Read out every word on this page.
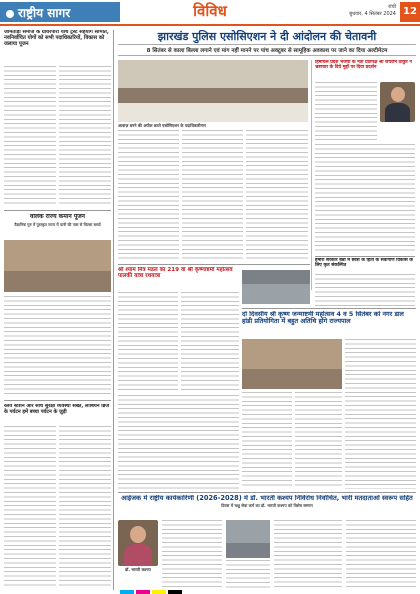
राष्ट्रीय सागर	विविध	रांची
बुधवार, 4 सितंबर 2024 12
जामताड़ा समाज के ग्रीवरपोरी यौथ ट्रस्ट सहयोग समिति, नवनिर्वाचित योगों को सभी पदाधिकारियों, विकास को जलाया पूजन
वालक राज्य कमान पूजन
वैज्ञानिक गुरु में पुरस्कृत राज्य में पानी की पास से चिल्ला बच्चों
रेलवे स्टेशन और साथ सुरक्षा व्यवस्था सख्त, लीबियन ब्रिज के पर्यटन हमें बच्चा पर्यटन के जुड़ी
झारखंड पुलिस एसोसिएशन ने दी आंदोलन की चेतावनी
8 सितंबर से काला बिल्ला लगाने एवं मांग नहीं मानने पर पांच अक्टूबर से सामूहिक अवकाश पर जाने का दिया अल्टीमेटम
आवाज़ बनने की अपील करते एसोसिएशन के पदाधिकारीगण
हिमाचल प्रदेश भजपा के नेता प्रतिपक्ष श्री जयराम ठाकुर ने भ्रष्टाचार के दिये मुद्दों पर दिया प्रदर्शन
हमारा सरकार बन्ना में छात्रों के हितों के सर्वांगीण विकास के लिए कृत संकल्पित
श्री श्याम मित्र मंडल का 219 वां श्री कृष्णाष्टमी महोत्सव पालकी यात्रा रथयात्रा
दो दिवसीय श्री कृष्ण जन्माष्टमी महोत्सव 4 व 5 सितंबर को नगर डाल हांडी प्रतियोगिता में बहुत अतिथि होंगे राज्यपाल
आईजक में राष्ट्रीय कार्यकारिणी (2026-2028) में डॉ. भारती कश्यप निर्विरोध निर्वाचित, भारी मतदाताओं स्वरूप सहित
दिवस में चक्षु सेवा कर्म का डॉ. भारती कश्यप को विशेष सम्मान
डॉ. भारती कश्यप
